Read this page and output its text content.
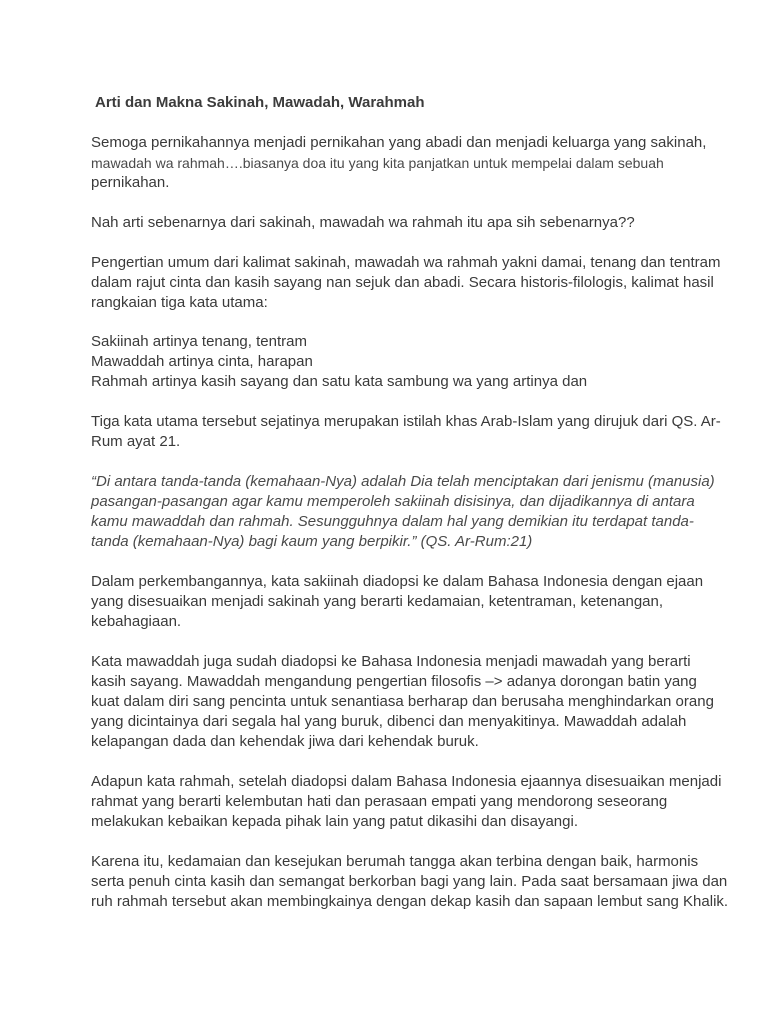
Arti dan Makna Sakinah, Mawadah, Warahmah
Semoga pernikahannya menjadi pernikahan yang abadi dan menjadi keluarga yang sakinah,
mawadah wa rahmah….biasanya doa itu yang kita panjatkan untuk mempelai dalam sebuah
pernikahan.
Nah arti sebenarnya dari sakinah, mawadah wa rahmah itu apa sih sebenarnya??
Pengertian umum dari kalimat sakinah, mawadah wa rahmah yakni damai, tenang dan tentram
dalam rajut cinta dan kasih sayang nan sejuk dan abadi. Secara historis-filologis, kalimat hasil
rangkaian tiga kata utama:
Sakiinah artinya tenang, tentram
Mawaddah artinya cinta, harapan
Rahmah artinya kasih sayang dan satu kata sambung wa yang artinya dan
Tiga kata utama tersebut sejatinya merupakan istilah khas Arab-Islam yang dirujuk dari QS. Ar-
Rum ayat 21.
“Di antara tanda-tanda (kemahaan-Nya) adalah Dia telah menciptakan dari jenismu (manusia)
pasangan-pasangan agar kamu memperoleh sakiinah disisinya, dan dijadikannya di antara
kamu mawaddah dan rahmah. Sesungguhnya dalam hal yang demikian itu terdapat tanda-
tanda (kemahaan-Nya) bagi kaum yang berpikir.” (QS. Ar-Rum:21)
Dalam perkembangannya, kata sakiinah diadopsi ke dalam Bahasa Indonesia dengan ejaan
yang disesuaikan menjadi sakinah yang berarti kedamaian, ketentraman, ketenangan,
kebahagiaan.
Kata mawaddah juga sudah diadopsi ke Bahasa Indonesia menjadi mawadah yang berarti
kasih sayang. Mawaddah mengandung pengertian filosofis –> adanya dorongan batin yang
kuat dalam diri sang pencinta untuk senantiasa berharap dan berusaha menghindarkan orang
yang dicintainya dari segala hal yang buruk, dibenci dan menyakitinya. Mawaddah adalah
kelapangan dada dan kehendak jiwa dari kehendak buruk.
Adapun kata rahmah, setelah diadopsi dalam Bahasa Indonesia ejaannya disesuaikan menjadi
rahmat yang berarti kelembutan hati dan perasaan empati yang mendorong seseorang
melakukan kebaikan kepada pihak lain yang patut dikasihi dan disayangi.
Karena itu, kedamaian dan kesejukan berumah tangga akan terbina dengan baik, harmonis
serta penuh cinta kasih dan semangat berkorban bagi yang lain. Pada saat bersamaan jiwa dan
ruh rahmah tersebut akan membingkainya dengan dekap kasih dan sapaan lembut sang Khalik.
